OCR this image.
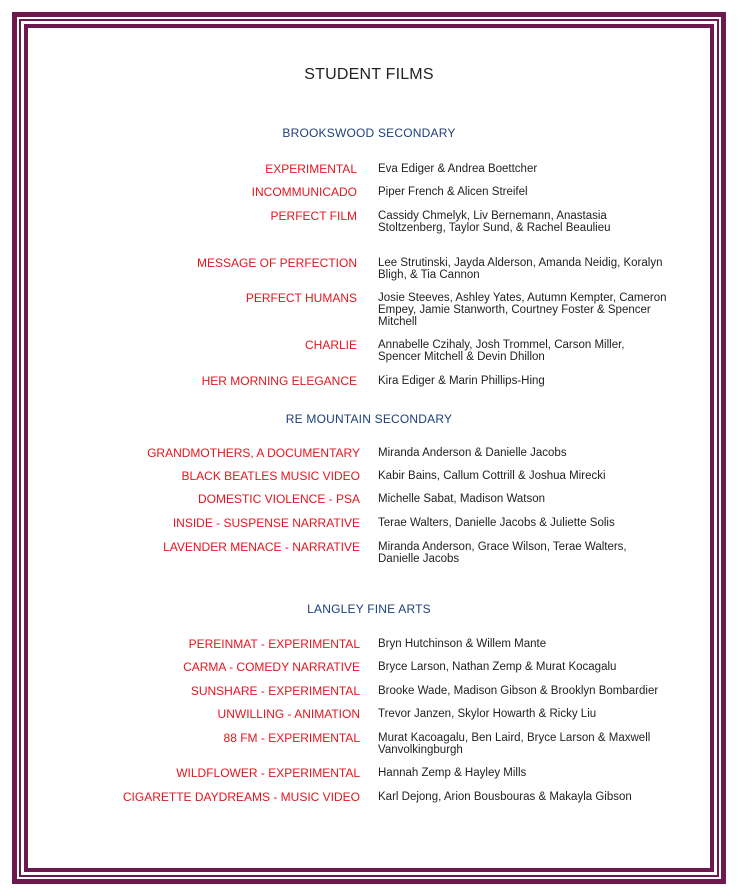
STUDENT FILMS
BROOKSWOOD SECONDARY
EXPERIMENTAL Eva Ediger & Andrea Boettcher
INCOMMUNICADO Piper French & Alicen Streifel
PERFECT FILM Cassidy Chmelyk, Liv Bernemann, Anastasia Stoltzenberg, Taylor Sund, & Rachel Beaulieu
MESSAGE OF PERFECTION Lee Strutinski, Jayda Alderson, Amanda Neidig, Koralyn Bligh, & Tia Cannon
PERFECT HUMANS Josie Steeves, Ashley Yates, Autumn Kempter, Cameron Empey, Jamie Stanworth, Courtney Foster & Spencer Mitchell
CHARLIE Annabelle Czihaly, Josh Trommel, Carson Miller, Spencer Mitchell & Devin Dhillon
HER MORNING ELEGANCE Kira Ediger & Marin Phillips-Hing
RE MOUNTAIN SECONDARY
GRANDMOTHERS, A DOCUMENTARY Miranda Anderson & Danielle Jacobs
BLACK BEATLES MUSIC VIDEO Kabir Bains, Callum Cottrill & Joshua Mirecki
DOMESTIC VIOLENCE - PSA Michelle Sabat, Madison Watson
INSIDE - SUSPENSE NARRATIVE Terae Walters, Danielle Jacobs & Juliette Solis
LAVENDER MENACE - NARRATIVE Miranda Anderson, Grace Wilson, Terae Walters, Danielle Jacobs
LANGLEY FINE ARTS
PEREINMAT - EXPERIMENTAL Bryn Hutchinson & Willem Mante
CARMA - COMEDY NARRATIVE Bryce Larson, Nathan Zemp & Murat Kocagalu
SUNSHARE - EXPERIMENTAL Brooke Wade, Madison Gibson & Brooklyn Bombardier
UNWILLING - ANIMATION Trevor Janzen, Skylor Howarth & Ricky Liu
88 FM - EXPERIMENTAL Murat Kacoagalu, Ben Laird, Bryce Larson & Maxwell Vanvolkingburgh
WILDFLOWER - EXPERIMENTAL Hannah Zemp & Hayley Mills
CIGARETTE DAYDREAMS - MUSIC VIDEO Karl Dejong, Arion Bousbouras & Makayla Gibson
